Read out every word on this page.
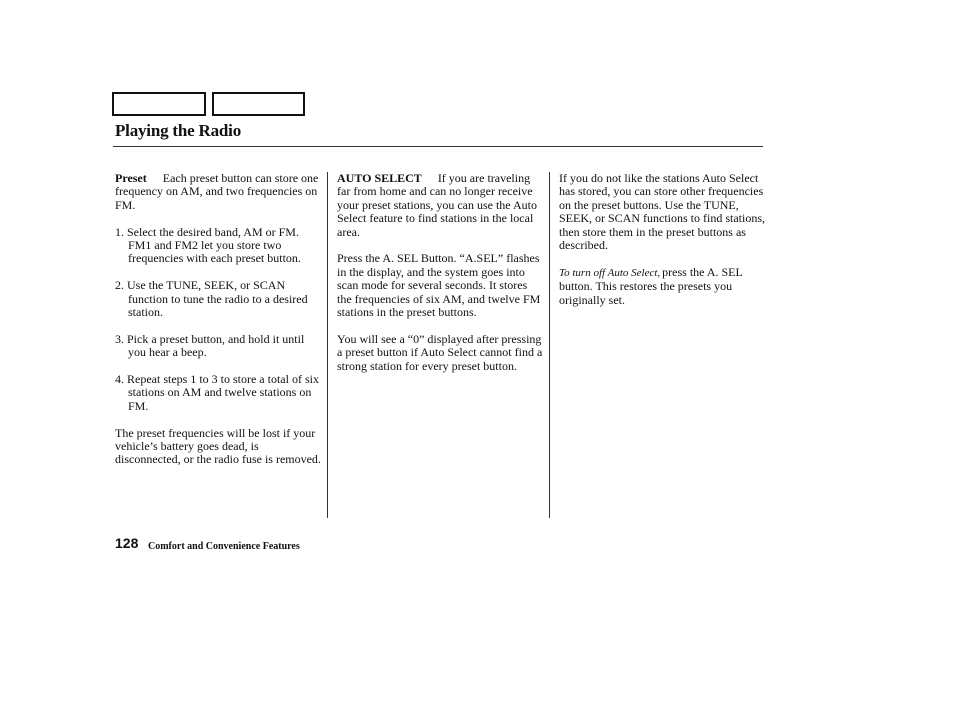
Playing the Radio

Preset Each preset button can store one frequency on AM, and two frequencies on FM.

1. Select the desired band, AM or FM. FM1 and FM2 let you store two frequencies with each preset button.

2. Use the TUNE, SEEK, or SCAN function to tune the radio to a desired station.

3. Pick a preset button, and hold it until you hear a beep.

4. Repeat steps 1 to 3 to store a total of six stations on AM and twelve stations on FM.

The preset frequencies will be lost if your vehicle’s battery goes dead, is disconnected, or the radio fuse is removed.

AUTO SELECT If you are traveling far from home and can no longer receive your preset stations, you can use the Auto Select feature to find stations in the local area.

Press the A. SEL Button. “A.SEL” flashes in the display, and the system goes into scan mode for several seconds. It stores the frequencies of six AM, and twelve FM stations in the preset buttons.

You will see a “0” displayed after pressing a preset button if Auto Select cannot find a strong station for every preset button.

If you do not like the stations Auto Select has stored, you can store other frequencies on the preset buttons. Use the TUNE, SEEK, or SCAN functions to find stations, then store them in the preset buttons as described.

To turn off Auto Select, press the A. SEL button. This restores the presets you originally set.

128 Comfort and Convenience Features
